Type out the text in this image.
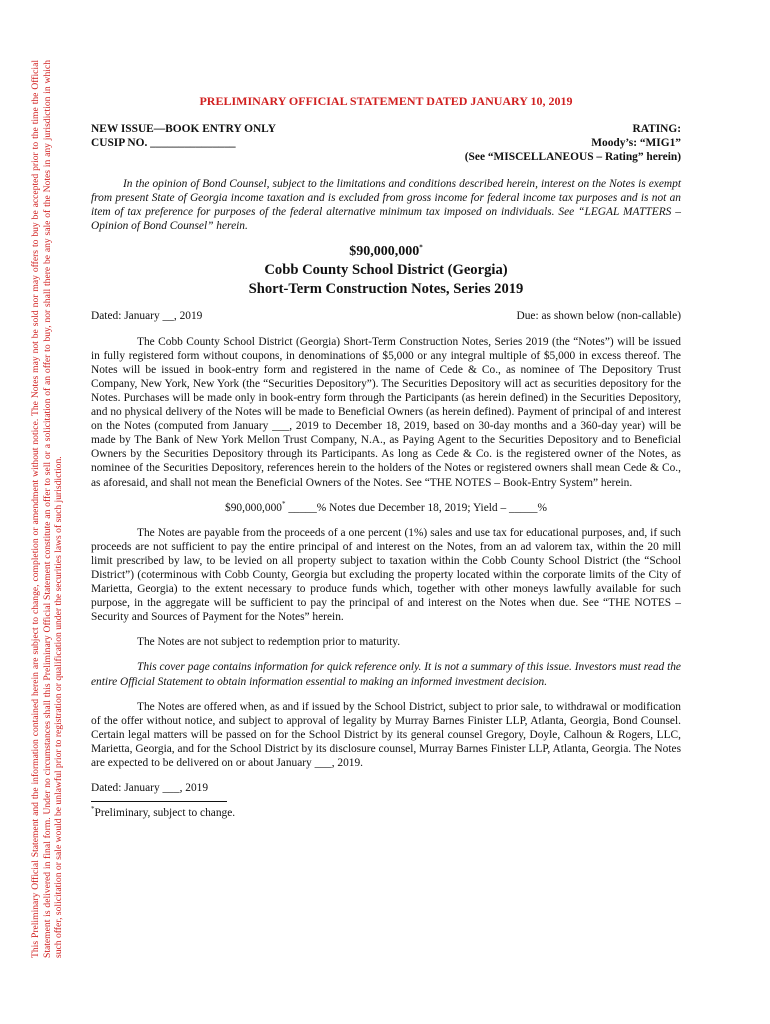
This Preliminary Official Statement and the information contained herein are subject to change, completion or amendment without notice. The Notes may not be sold nor may offers to buy be accepted prior to the time the Official Statement is delivered in final form. Under no circumstances shall this Preliminary Official Statement constitute an offer to sell or a solicitation of an offer to buy, nor shall there be any sale of the Notes in any jurisdiction in which such offer, solicitation or sale would be unlawful prior to registration or qualification under the securities laws of such jurisdiction.
PRELIMINARY OFFICIAL STATEMENT DATED JANUARY 10, 2019
NEW ISSUE—BOOK ENTRY ONLY
CUSIP NO. _______________
RATING:
Moody’s: “MIG1”
(See “MISCELLANEOUS – Rating” herein)

In the opinion of Bond Counsel, subject to the limitations and conditions described herein, interest on the Notes is exempt from present State of Georgia income taxation and is excluded from gross income for federal income tax purposes and is not an item of tax preference for purposes of the federal alternative minimum tax imposed on individuals. See “LEGAL MATTERS – Opinion of Bond Counsel” herein.

$90,000,000*
Cobb County School District (Georgia)
Short-Term Construction Notes, Series 2019
Dated: January __, 2019	Due: as shown below (non-callable)

The Cobb County School District (Georgia) Short-Term Construction Notes, Series 2019 (the “Notes”) will be issued in fully registered form without coupons, in denominations of $5,000 or any integral multiple of $5,000 in excess thereof. The Notes will be issued in book-entry form and registered in the name of Cede & Co., as nominee of The Depository Trust Company, New York, New York (the “Securities Depository”). The Securities Depository will act as securities depository for the Notes. Purchases will be made only in book-entry form through the Participants (as herein defined) in the Securities Depository, and no physical delivery of the Notes will be made to Beneficial Owners (as herein defined). Payment of principal of and interest on the Notes (computed from January ___, 2019 to December 18, 2019, based on 30-day months and a 360-day year) will be made by The Bank of New York Mellon Trust Company, N.A., as Paying Agent to the Securities Depository and to Beneficial Owners by the Securities Depository through its Participants. As long as Cede & Co. is the registered owner of the Notes, as nominee of the Securities Depository, references herein to the holders of the Notes or registered owners shall mean Cede & Co., as aforesaid, and shall not mean the Beneficial Owners of the Notes. See “THE NOTES – Book-Entry System” herein.

$90,000,000* _____% Notes due December 18, 2019; Yield – _____%

The Notes are payable from the proceeds of a one percent (1%) sales and use tax for educational purposes, and, if such proceeds are not sufficient to pay the entire principal of and interest on the Notes, from an ad valorem tax, within the 20 mill limit prescribed by law, to be levied on all property subject to taxation within the Cobb County School District (the “School District”) (coterminous with Cobb County, Georgia but excluding the property located within the corporate limits of the City of Marietta, Georgia) to the extent necessary to produce funds which, together with other moneys lawfully available for such purpose, in the aggregate will be sufficient to pay the principal of and interest on the Notes when due. See “THE NOTES – Security and Sources of Payment for the Notes” herein.

The Notes are not subject to redemption prior to maturity.

This cover page contains information for quick reference only. It is not a summary of this issue. Investors must read the entire Official Statement to obtain information essential to making an informed investment decision.

The Notes are offered when, as and if issued by the School District, subject to prior sale, to withdrawal or modification of the offer without notice, and subject to approval of legality by Murray Barnes Finister LLP, Atlanta, Georgia, Bond Counsel. Certain legal matters will be passed on for the School District by its general counsel Gregory, Doyle, Calhoun & Rogers, LLC, Marietta, Georgia, and for the School District by its disclosure counsel, Murray Barnes Finister LLP, Atlanta, Georgia. The Notes are expected to be delivered on or about January ___, 2019.

Dated: January ___, 2019
*Preliminary, subject to change.
